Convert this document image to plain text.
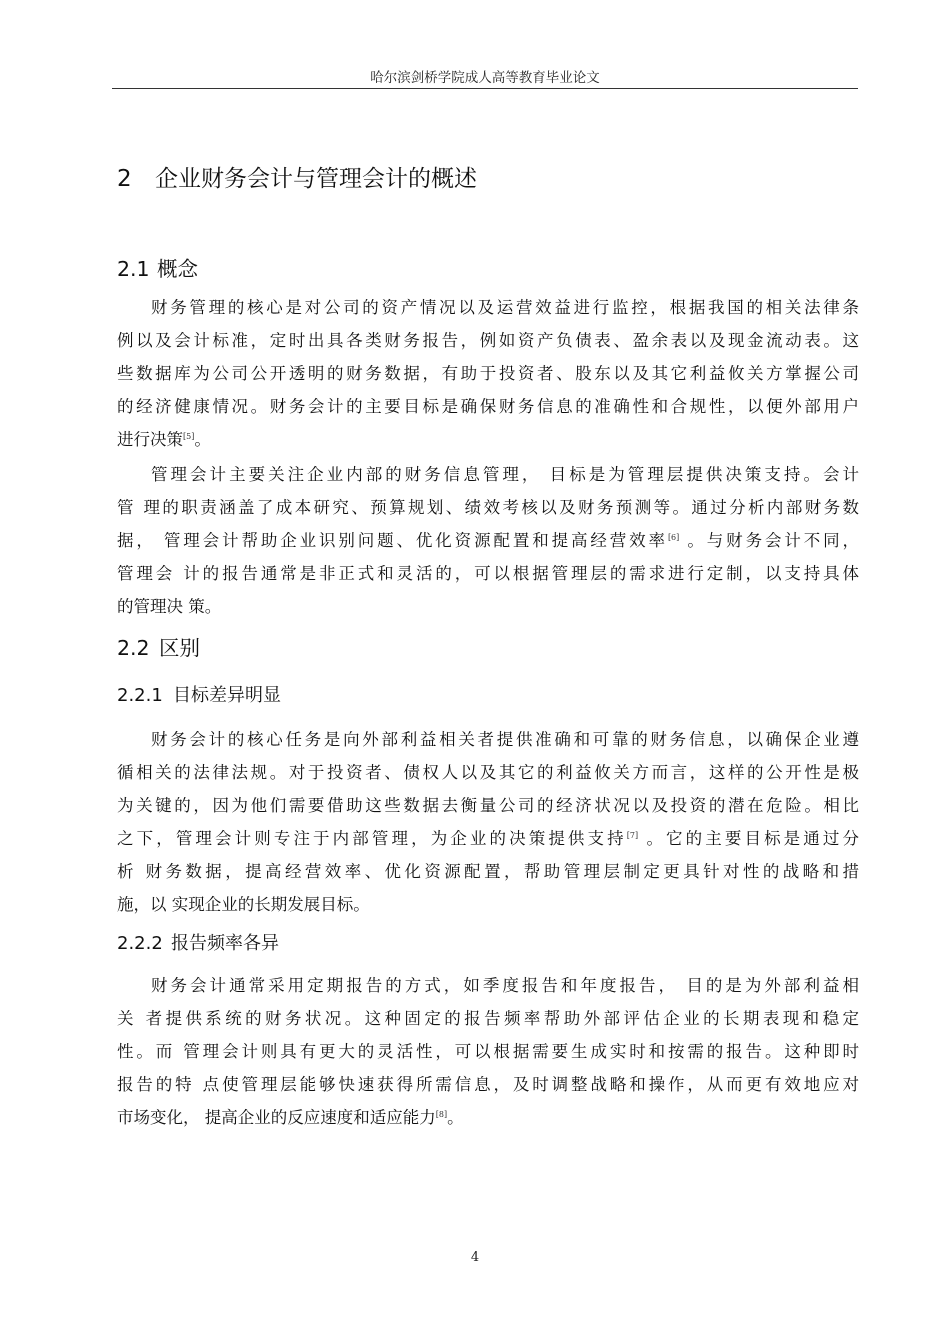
哈尔滨剑桥学院成人高等教育毕业论文
2 企业财务会计与管理会计的概述
2.1 概念
财务管理的核心是对公司的资产情况以及运营效益进行监控，根据我国的相关法律条
例以及会计标准，定时出具各类财务报告，例如资产负债表、盈余表以及现金流动表。这
些数据库为公司公开透明的财务数据，有助于投资者、股东以及其它利益攸关方掌握公司
的经济健康情况。财务会计的主要目标是确保财务信息的准确性和合规性，以便外部用户
进行决策[5]。
管理会计主要关注企业内部的财务信息管理， 目标是为管理层提供决策支持。会计
管 理的职责涵盖了成本研究、预算规划、绩效考核以及财务预测等。通过分析内部财务数
据， 管理会计帮助企业识别问题、优化资源配置和提高经营效率[6] 。与财务会计不同，
管理会 计的报告通常是非正式和灵活的，可以根据管理层的需求进行定制，以支持具体
的管理决 策。
2.2 区别
2.2.1 目标差异明显
财务会计的核心任务是向外部利益相关者提供准确和可靠的财务信息，以确保企业遵
循相关的法律法规。对于投资者、债权人以及其它的利益攸关方而言，这样的公开性是极
为关键的，因为他们需要借助这些数据去衡量公司的经济状况以及投资的潜在危险。相比
之下，管理会计则专注于内部管理，为企业的决策提供支持[7] 。它的主要目标是通过分
析 财务数据，提高经营效率、优化资源配置，帮助管理层制定更具针对性的战略和措
施，以 实现企业的长期发展目标。
2.2.2 报告频率各异
财务会计通常采用定期报告的方式，如季度报告和年度报告， 目的是为外部利益相
关 者提供系统的财务状况。这种固定的报告频率帮助外部评估企业的长期表现和稳定
性。而 管理会计则具有更大的灵活性，可以根据需要生成实时和按需的报告。这种即时
报告的特 点使管理层能够快速获得所需信息，及时调整战略和操作，从而更有效地应对
市场变化， 提高企业的反应速度和适应能力[8]。
4
